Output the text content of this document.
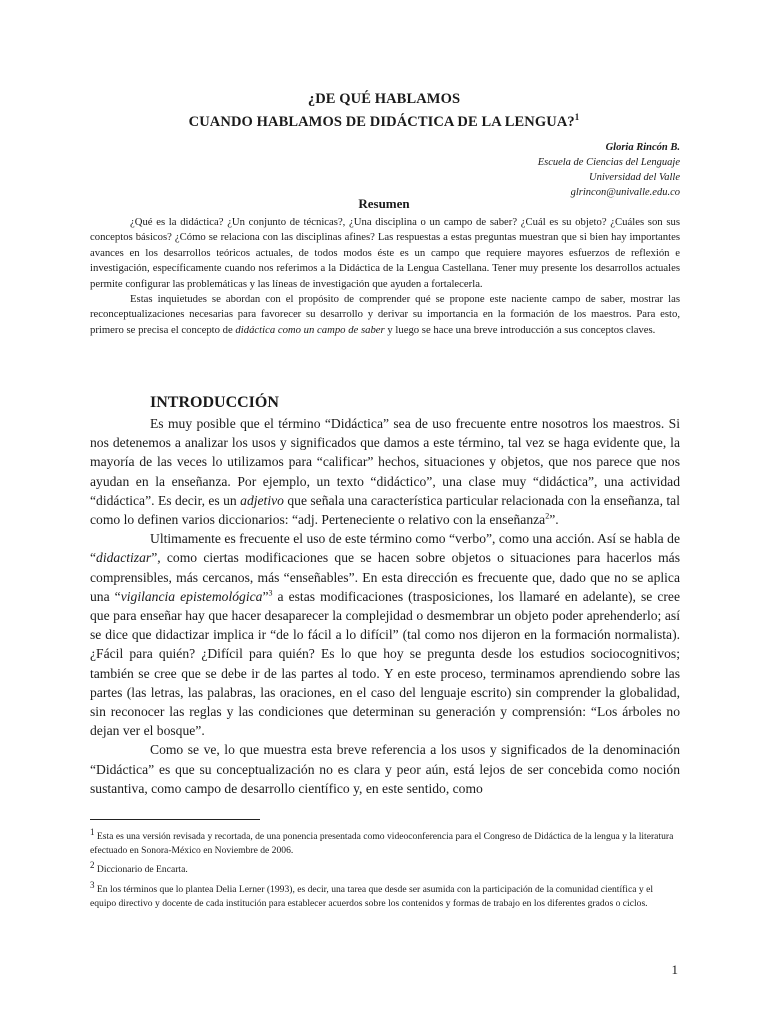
¿DE QUÉ HABLAMOS
CUANDO HABLAMOS DE DIDÁCTICA DE LA LENGUA?$^1$
Gloria Rincón B.
Escuela de Ciencias del Lenguaje
Universidad del Valle
glrincon@univalle.edu.co
Resumen

¿Qué es la didáctica? ¿Un conjunto de técnicas?, ¿Una disciplina o un campo de saber? ¿Cuál es su objeto? ¿Cuáles son sus conceptos básicos? ¿Cómo se relaciona con las disciplinas afines? Las respuestas a estas preguntas muestran que si bien hay importantes avances en los desarrollos teóricos actuales, de todos modos éste es un campo que requiere mayores esfuerzos de reflexión e investigación, específicamente cuando nos referimos a la Didáctica de la Lengua Castellana. Tener muy presente los desarrollos actuales permite configurar las problemáticas y las líneas de investigación que ayuden a fortalecerla.

Estas inquietudes se abordan con el propósito de comprender qué se propone este naciente campo de saber, mostrar las reconceptualizaciones necesarias para favorecer su desarrollo y derivar su importancia en la formación de los maestros. Para esto, primero se precisa el concepto de didáctica como un campo de saber y luego se hace una breve introducción a sus conceptos claves.

INTRODUCCIÓN

Es muy posible que el término “Didáctica” sea de uso frecuente entre nosotros los maestros. Si nos detenemos a analizar los usos y significados que damos a este término, tal vez se haga evidente que, la mayoría de las veces lo utilizamos para “calificar” hechos, situaciones y objetos, que nos parece que nos ayudan en la enseñanza. Por ejemplo, un texto “didáctico”, una clase muy “didáctica”, una actividad “didáctica”. Es decir, es un adjetivo que señala una característica particular relacionada con la enseñanza, tal como lo definen varios diccionarios: “adj. Perteneciente o relativo con la enseñanza$^2$”.

Ultimamente es frecuente el uso de este término como “verbo”, como una acción. Así se habla de “didactizar”, como ciertas modificaciones que se hacen sobre objetos o situaciones para hacerlos más comprensibles, más cercanos, más “enseñables”. En esta dirección es frecuente que, dado que no se aplica una “vigilancia epistemológica”$^3$ a estas modificaciones (trasposiciones, los llamaré en adelante), se cree que para enseñar hay que hacer desaparecer la complejidad o desmembrar un objeto poder aprehenderlo; así se dice que didactizar implica ir “de lo fácil a lo difícil” (tal como nos dijeron en la formación normalista). ¿Fácil para quién? ¿Difícil para quién? Es lo que hoy se pregunta desde los estudios sociocognitivos; también se cree que se debe ir de las partes al todo. Y en este proceso, terminamos aprendiendo sobre las partes (las letras, las palabras, las oraciones, en el caso del lenguaje escrito) sin comprender la globalidad, sin reconocer las reglas y las condiciones que determinan su generación y comprensión: “Los árboles no dejan ver el bosque”.

Como se ve, lo que muestra esta breve referencia a los usos y significados de la denominación “Didáctica” es que su conceptualización no es clara y peor aún, está lejos de ser concebida como noción sustantiva, como campo de desarrollo científico y, en este sentido, como

$^1$ Esta es una versión revisada y recortada, de una ponencia presentada como videoconferencia para el Congreso de Didáctica de la lengua y la literatura efectuado en Sonora-México en Noviembre de 2006.
$^2$ Diccionario de Encarta.
$^3$ En los términos que lo plantea Delia Lerner (1993), es decir, una tarea que desde ser asumida con la participación de la comunidad científica y el equipo directivo y docente de cada institución para establecer acuerdos sobre los contenidos y formas de trabajo en los diferentes grados o ciclos.
1
